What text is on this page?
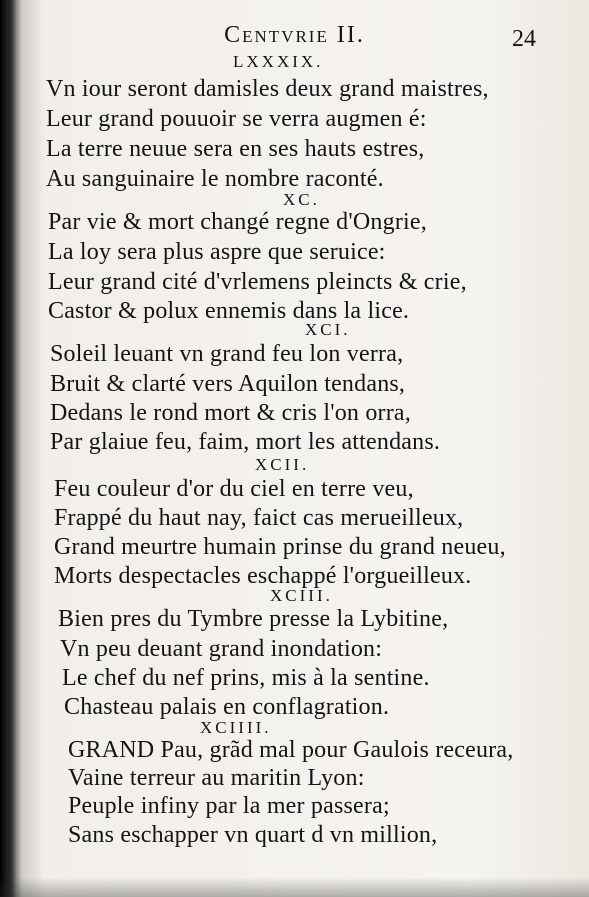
Centvrie II.	24
LXXXIX.
Vn iour seront damisles deux grand maistres,
Leur grand pouuoir se verra augmen é:
La terre neuue sera en ses hauts estres,
Au sanguinaire le nombre raconté.
XC.
Par vie & mort changé regne d'Ongrie,
La loy sera plus aspre que seruice:
Leur grand cité d'vrlemens pleincts & crie,
Castor & polux ennemis dans la lice.
XCI.
Soleil leuant vn grand feu lon verra,
Bruit & clarté vers Aquilon tendans,
Dedans le rond mort & cris l'on orra,
Par glaiue feu, faim, mort les attendans.
XCII.
Feu couleur d'or du ciel en terre veu,
Frappé du haut nay, faict cas merueilleux,
Grand meurtre humain prinse du grand neueu,
Morts despectacles eschappé l'orgueilleux.
XCIII.
Bien pres du Tymbre presse la Lybitine,
Vn peu deuant grand inondation:
Le chef du nef prins, mis à la sentine.
Chasteau palais en conflagration.
XCIIII.
GRAND Pau, grãd mal pour Gaulois receura,
Vaine terreur au maritin Lyon:
Peuple infiny par la mer passera;
Sans eschapper vn quart d vn million,
